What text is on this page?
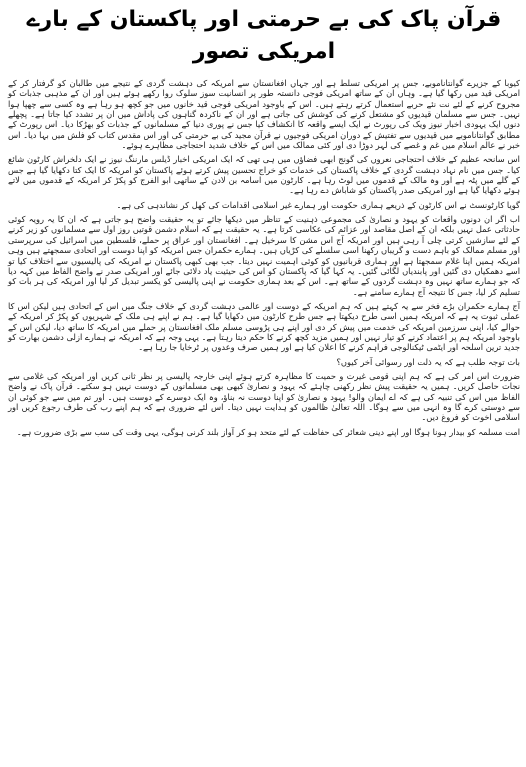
قرآن پاک کی بے حرمتی اور پاکستان کے بارے امریکی تصور

کیوبا کے جزیرے گوانتاناموبے، جس پر امریکی تسلط ہے اور جہاں افغانستان سے امریکہ کی دہشت گردی کے نتیجے میں طالبان کو گرفتار کر کے امریکی قید میں رکھا گیا ہے۔ وہاں ان کے ساتھ امریکی فوجی دانستہ طور پر انسانیت سوز سلوک روا رکھے ہوئے ہیں اور ان کے مذہبی جذبات کو مجروح کرنے کے لئے نت نئے حربے استعمال کرتے رہتے ہیں۔ اس کے باوجود امریکی فوجی قید خانوں میں جو کچھ ہو رہا ہے وہ کسی سے چھپا ہوا نہیں۔ جس سے مسلمان قیدیوں کو مشتعل کرنے کی کوشش کی جاتی ہے اور ان کے ناکردہ گناہوں کی پاداش میں ان پر تشدد کیا جاتا ہے۔ پچھلے دنوں ایک یہودی اخبار نیوز ویک کی رپورٹ نے ایک ایسے واقعہ کا انکشاف کیا جس نے پوری دنیا کے مسلمانوں کے جذبات کو بھڑکا دیا۔ اس رپورٹ کے مطابق گوانتاناموبے میں قیدیوں سے تفتیش کے دوران امریکی فوجیوں نے قرآن مجید کی بے حرمتی کی اور اس مقدس کتاب کو فلش میں بہا دیا۔ اس خبر نے عالم اسلام میں غم و غصے کی لہر دوڑا دی اور کئی ممالک میں اس کے خلاف شدید احتجاجی مظاہرے ہوئے۔

اس سانحہ عظیم کے خلاف احتجاجی نعروں کی گونج ابھی فضاؤں میں ہی تھی کہ ایک امریکی اخبار ڈیلس مارننگ نیوز نے ایک دلخراش کارٹون شائع کیا۔ جس میں نام نہاد دہشت گردی کے خلاف پاکستان کی خدمات کو خراج تحسین پیش کرتے ہوئے پاکستان کو امریکہ کا ایک کتا دکھایا گیا ہے جس کے گلے میں پٹہ ہے اور وہ مالک کے قدموں میں لوٹ رہا ہے۔ کارٹون میں اسامہ بن لادن کے ساتھی ابو الفرج کو پکڑ کر امریکہ کے قدموں میں لاتے ہوئے دکھایا گیا ہے اور امریکی صدر پاکستان کو شاباش دے رہا ہے۔

گویا کارٹونسٹ نے اس کارٹون کے ذریعے ہماری حکومت اور ہمارے غیر اسلامی اقدامات کی کھل کر نشاندہی کی ہے۔

اب اگر ان دونوں واقعات کو یہود و نصاریٰ کی مجموعی ذہنیت کے تناظر میں دیکھا جائے تو یہ حقیقت واضح ہو جاتی ہے کہ ان کا یہ رویہ کوئی حادثاتی عمل نہیں بلکہ ان کے اصل مقاصد اور عزائم کی عکاسی کرتا ہے۔ یہ حقیقت ہے کہ اسلام دشمن قوتیں روز اول سے مسلمانوں کو زیر کرنے کے لئے سازشیں کرتی چلی آ رہی ہیں اور امریکہ آج اس مشن کا سرخیل ہے۔ افغانستان اور عراق پر حملے، فلسطین میں اسرائیل کی سرپرستی اور مسلم ممالک کو باہم دست و گریباں رکھنا اسی سلسلے کی کڑیاں ہیں۔ ہمارے حکمران جس امریکہ کو اپنا دوست اور اتحادی سمجھتے ہیں وہی امریکہ ہمیں اپنا غلام سمجھتا ہے اور ہماری قربانیوں کو کوئی اہمیت نہیں دیتا۔ جب بھی کبھی پاکستان نے امریکہ کی پالیسیوں سے اختلاف کیا تو اسے دھمکیاں دی گئیں اور پابندیاں لگائی گئیں۔ یہ کہا گیا کہ پاکستان کو اس کی حیثیت یاد دلائی جائے اور امریکی صدر نے واضح الفاظ میں کہہ دیا کہ جو ہمارے ساتھ نہیں وہ دہشت گردوں کے ساتھ ہے۔ اس کے بعد ہماری حکومت نے اپنی پالیسی کو یکسر تبدیل کر لیا اور امریکہ کی ہر بات کو تسلیم کر لیا، جس کا نتیجہ آج ہمارے سامنے ہے۔

آج ہمارے حکمران بڑے فخر سے یہ کہتے ہیں کہ ہم امریکہ کے دوست اور عالمی دہشت گردی کے خلاف جنگ میں اس کے اتحادی ہیں لیکن اس کا عملی ثبوت یہ ہے کہ امریکہ ہمیں اسی طرح دیکھتا ہے جس طرح کارٹون میں دکھایا گیا ہے۔ ہم نے اپنے ہی ملک کے شہریوں کو پکڑ کر امریکہ کے حوالے کیا، اپنی سرزمین امریکہ کی خدمت میں پیش کر دی اور اپنے ہی پڑوسی مسلم ملک افغانستان پر حملے میں امریکہ کا ساتھ دیا، لیکن اس کے باوجود امریکہ ہم پر اعتماد کرنے کو تیار نہیں اور ہمیں مزید کچھ کرنے کا حکم دیتا رہتا ہے۔ یہی وجہ ہے کہ امریکہ نے ہمارے ازلی دشمن بھارت کو جدید ترین اسلحہ اور ایٹمی ٹیکنالوجی فراہم کرنے کا اعلان کیا ہے اور ہمیں صرف وعدوں پر ٹرخایا جا رہا ہے۔

بات توجہ طلب ہے کہ یہ ذلت اور رسوائی آخر کیوں؟

ضرورت اس امر کی ہے کہ ہم اپنی قومی غیرت و حمیت کا مظاہرہ کرتے ہوئے اپنی خارجہ پالیسی پر نظر ثانی کریں اور امریکہ کی غلامی سے نجات حاصل کریں۔ ہمیں یہ حقیقت پیش نظر رکھنی چاہئے کہ یہود و نصاریٰ کبھی بھی مسلمانوں کے دوست نہیں ہو سکتے۔ قرآن پاک نے واضح الفاظ میں اس کی تنبیہ کی ہے کہ اے ایمان والو! یہود و نصاریٰ کو اپنا دوست نہ بناؤ، وہ ایک دوسرے کے دوست ہیں۔ اور تم میں سے جو کوئی ان سے دوستی کرے گا وہ انہی میں سے ہوگا۔ اللہ تعالیٰ ظالموں کو ہدایت نہیں دیتا۔ اس لئے ضروری ہے کہ ہم اپنے رب کی طرف رجوع کریں اور اسلامی اخوت کو فروغ دیں۔

امت مسلمہ کو بیدار ہونا ہوگا اور اپنے دینی شعائر کی حفاظت کے لئے متحد ہو کر آواز بلند کرنی ہوگی، یہی وقت کی سب سے بڑی ضرورت ہے۔
